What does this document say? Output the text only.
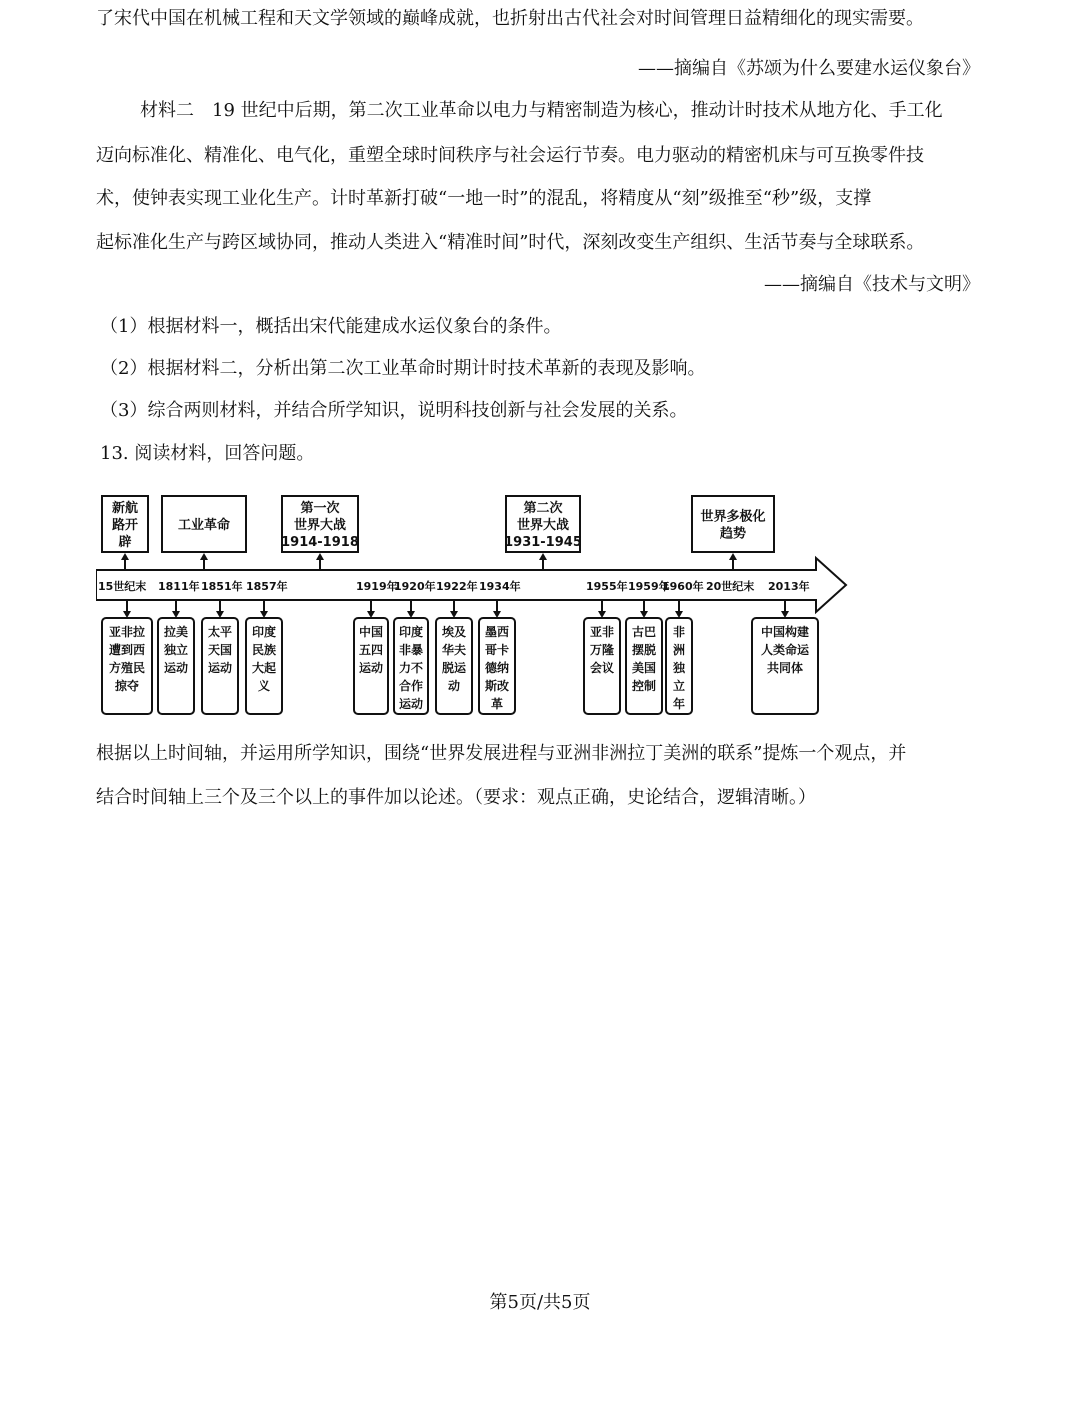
了宋代中国在机械工程和天文学领域的巅峰成就，也折射出古代社会对时间管理日益精细化的现实需要。
——摘编自《苏颂为什么要建水运仪象台》
材料二　19 世纪中后期，第二次工业革命以电力与精密制造为核心，推动计时技术从地方化、手工化
迈向标准化、精准化、电气化，重塑全球时间秩序与社会运行节奏。电力驱动的精密机床与可互换零件技
术，使钟表实现工业化生产。计时革新打破“一地一时”的混乱，将精度从“刻”级推至“秒”级，支撑
起标准化生产与跨区域协同，推动人类进入“精准时间”时代，深刻改变生产组织、生活节奏与全球联系。
——摘编自《技术与文明》
（1）根据材料一，概括出宋代能建成水运仪象台的条件。
（2）根据材料二，分析出第二次工业革命时期计时技术革新的表现及影响。
（3）综合两则材料，并结合所学知识，说明科技创新与社会发展的关系。
13. 阅读材料，回答问题。
15世纪末 1811年 1851年 1857年	1919年
1920年 1922年 1934年	1955年 1959年
1960年 20世纪末 2013年
新航
路开
辟
工业革命
第一次
世界大战
1914-1918
第二次
世界大战
1931-1945
世界多极化
趋势
亚非拉
遭到西
方殖民
掠夺
拉美
独立
运动
太平
天国
运动
印度
民族
大起
义
中国
五四
运动
印度
非暴
力不
合作
运动
埃及
华夫
脱运
动
墨西
哥卡
德纳
斯改
革
亚非
万隆
会议
古巴
摆脱
美国
控制
非
洲
独
立
年
中国构建
人类命运
共同体
根据以上时间轴，并运用所学知识，围绕“世界发展进程与亚洲非洲拉丁美洲的联系”提炼一个观点，并
结合时间轴上三个及三个以上的事件加以论述。（要求：观点正确，史论结合，逻辑清晰。）
第5页/共5页
